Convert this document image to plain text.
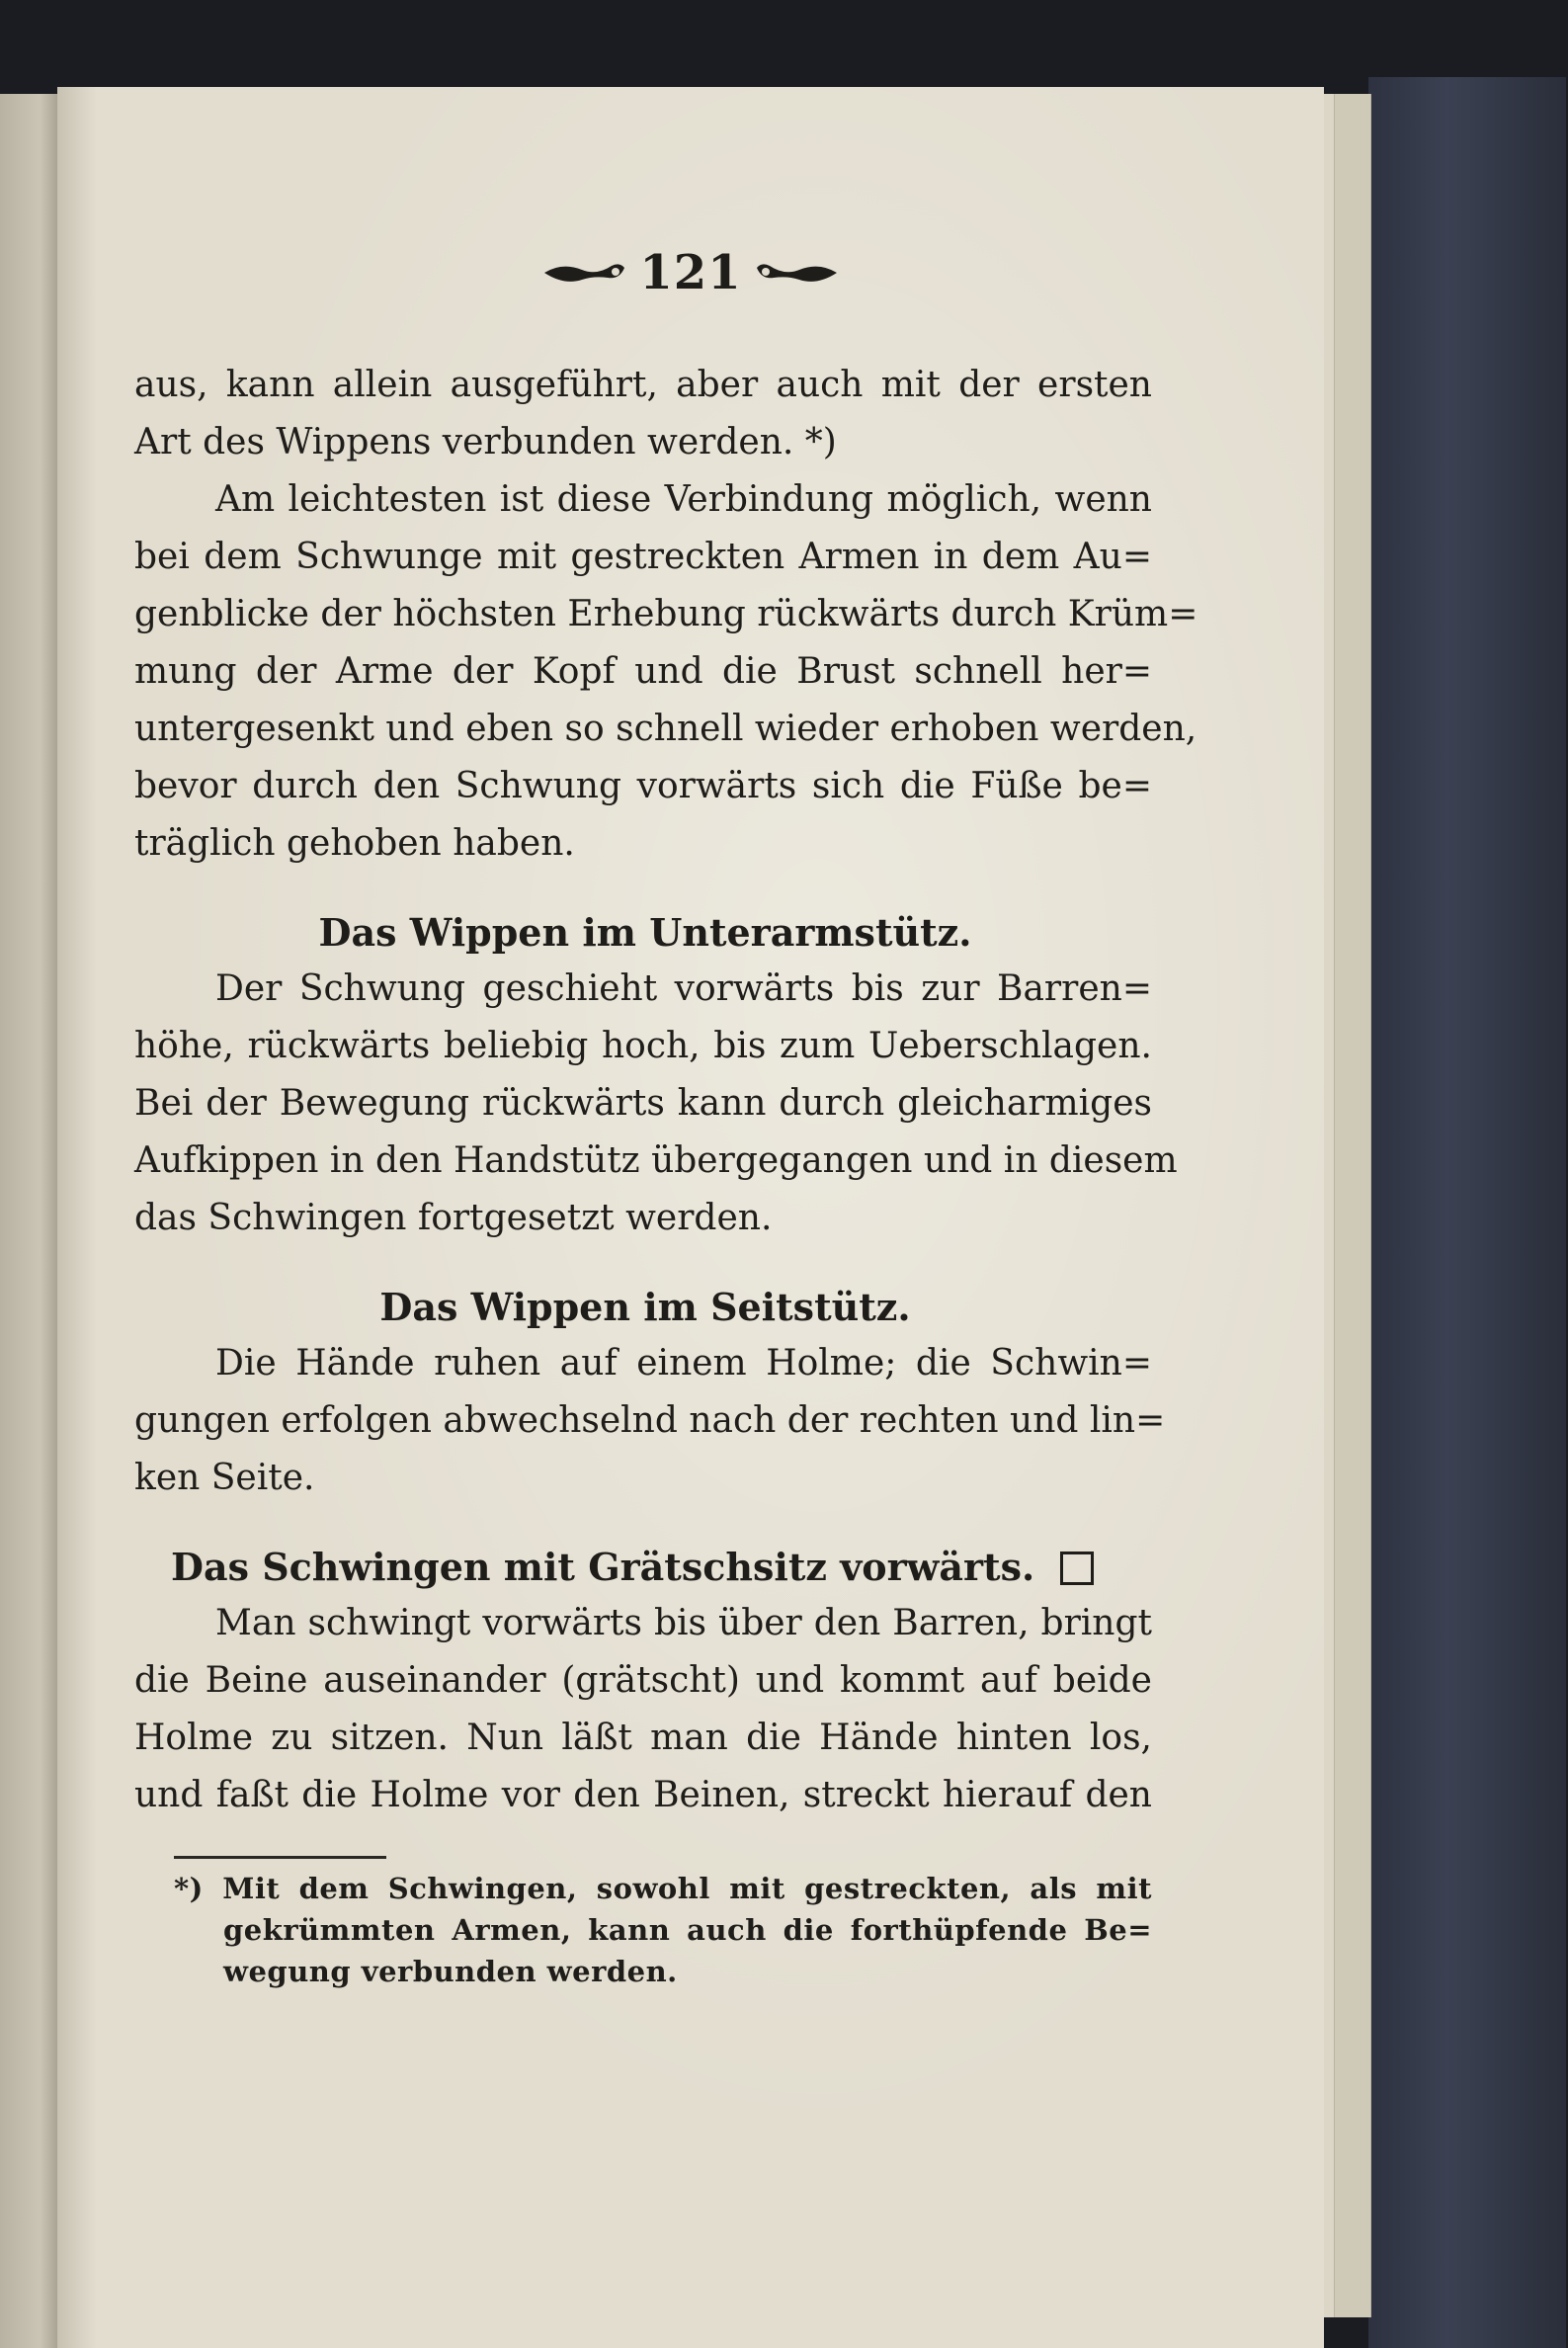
121
aus, kann allein ausgeführt, aber auch mit der ersten
Art des Wippens verbunden werden. *)
Am leichtesten ist diese Verbindung möglich, wenn
bei dem Schwunge mit gestreckten Armen in dem Au=
genblicke der höchsten Erhebung rückwärts durch Krüm=
mung der Arme der Kopf und die Brust schnell her=
untergesenkt und eben so schnell wieder erhoben werden,
bevor durch den Schwung vorwärts sich die Füße be=
träglich gehoben haben.
Das Wippen im Unterarmstütz.
Der Schwung geschieht vorwärts bis zur Barren=
höhe, rückwärts beliebig hoch, bis zum Ueberschlagen.
Bei der Bewegung rückwärts kann durch gleicharmiges
Aufkippen in den Handstütz übergegangen und in diesem
das Schwingen fortgesetzt werden.
Das Wippen im Seitstütz.
Die Hände ruhen auf einem Holme; die Schwin=
gungen erfolgen abwechselnd nach der rechten und lin=
ken Seite.
Das Schwingen mit Grätschsitz vorwärts.
Man schwingt vorwärts bis über den Barren, bringt
die Beine auseinander (grätscht) und kommt auf beide
Holme zu sitzen. Nun läßt man die Hände hinten los,
und faßt die Holme vor den Beinen, streckt hierauf den
*) Mit dem Schwingen, sowohl mit gestreckten, als mit
gekrümmten Armen, kann auch die forthüpfende Be=
wegung verbunden werden.
